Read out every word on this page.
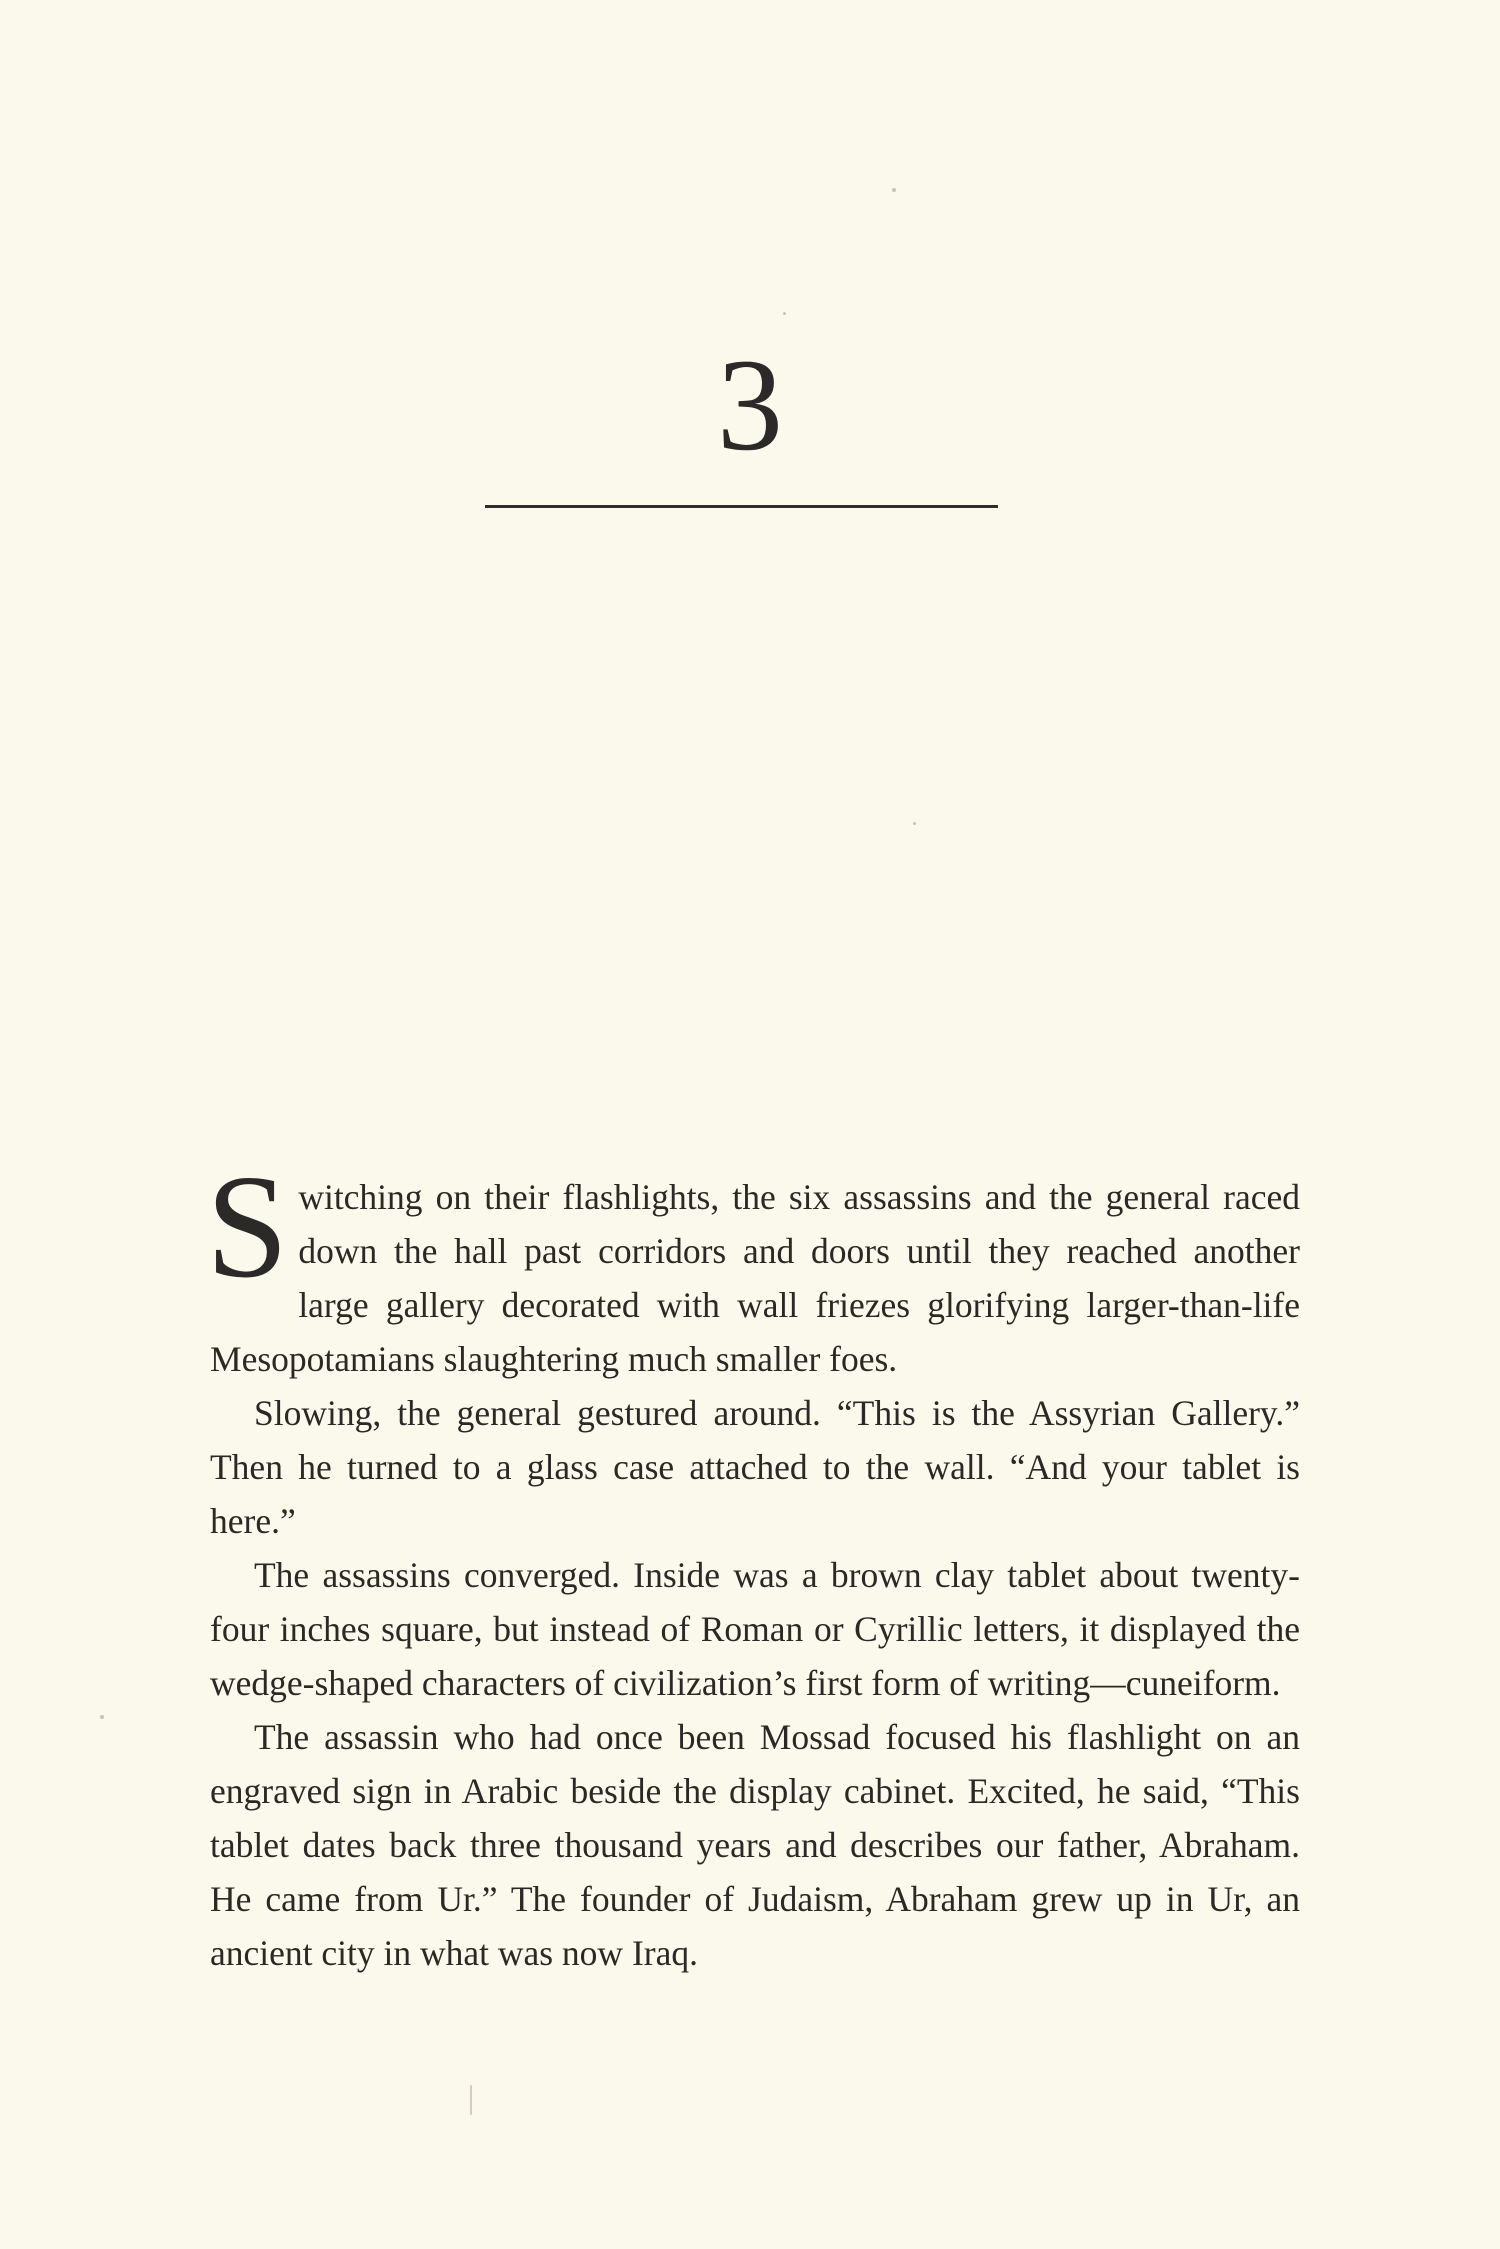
3

Switching on their flashlights, the six assassins and the general raced down the hall past corridors and doors until they reached another large gallery decorated with wall friezes glorifying larger-than-life Mesopotamians slaughtering much smaller foes.

Slowing, the general gestured around. “This is the Assyrian Gallery.” Then he turned to a glass case attached to the wall. “And your tablet is here.”

The assassins converged. Inside was a brown clay tablet about twenty-four inches square, but instead of Roman or Cyrillic letters, it displayed the wedge-shaped characters of civilization’s first form of writing—cuneiform.

The assassin who had once been Mossad focused his flashlight on an engraved sign in Arabic beside the display cabinet. Excited, he said, “This tablet dates back three thousand years and describes our father, Abraham. He came from Ur.” The founder of Judaism, Abraham grew up in Ur, an ancient city in what was now Iraq.
